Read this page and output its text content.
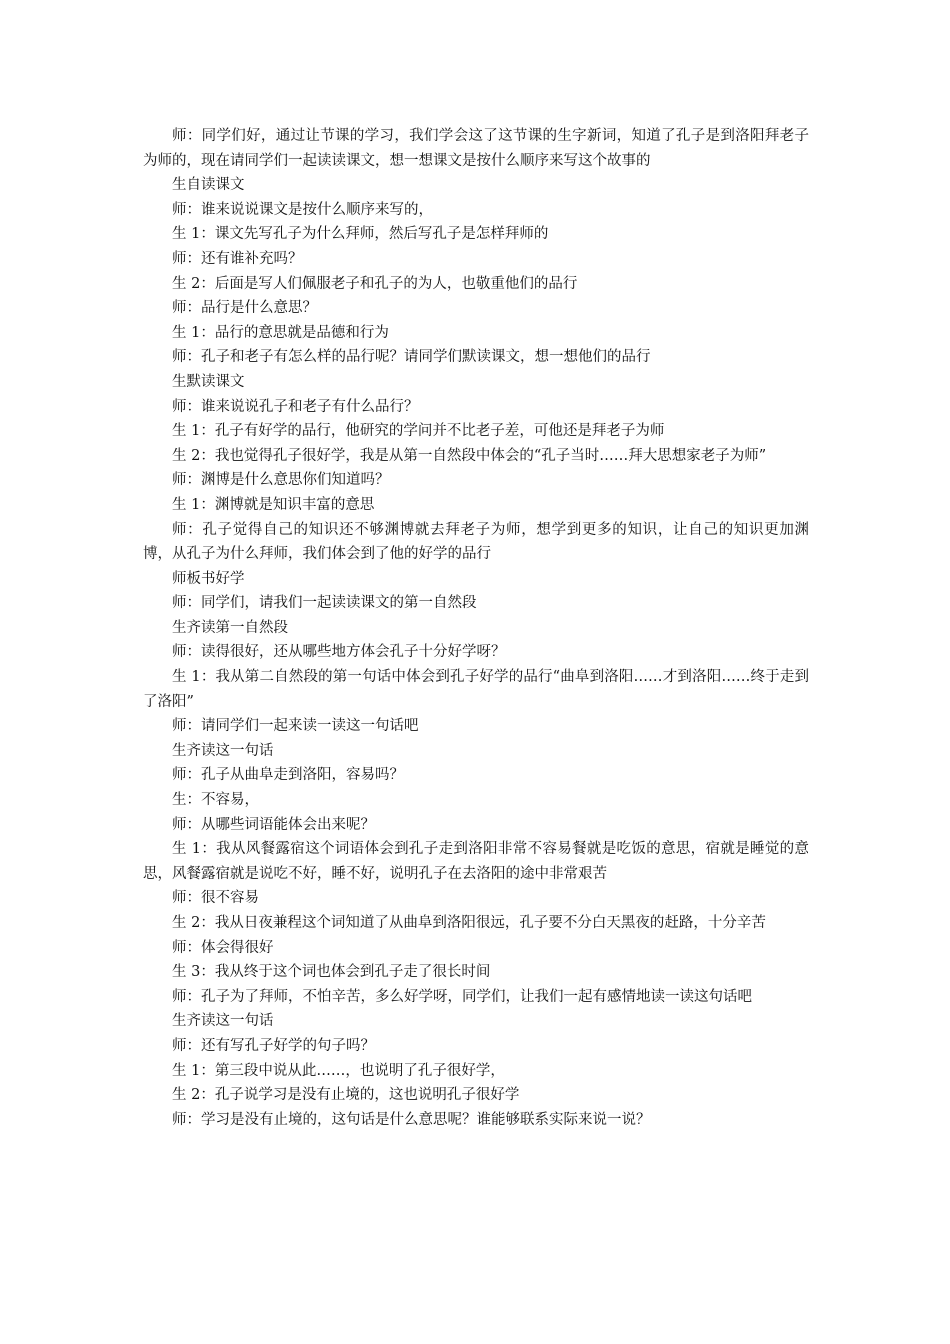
师：同学们好，通过让节课的学习，我们学会这了这节课的生字新词，知道了孔子是到洛阳拜老子为师的，现在请同学们一起读读课文，想一想课文是按什么顺序来写这个故事的

生自读课文

师：谁来说说课文是按什么顺序来写的，

生 1：课文先写孔子为什么拜师，然后写孔子是怎样拜师的

师：还有谁补充吗？

生 2：后面是写人们佩服老子和孔子的为人，也敬重他们的品行

师：品行是什么意思？

生 1：品行的意思就是品德和行为

师：孔子和老子有怎么样的品行呢？请同学们默读课文，想一想他们的品行

生默读课文

师：谁来说说孔子和老子有什么品行？

生 1：孔子有好学的品行，他研究的学问并不比老子差，可他还是拜老子为师

生 2：我也觉得孔子很好学，我是从第一自然段中体会的“孔子当时……拜大思想家老子为师”

师：渊博是什么意思你们知道吗？

生 1：渊博就是知识丰富的意思

师：孔子觉得自己的知识还不够渊博就去拜老子为师，想学到更多的知识，让自己的知识更加渊博，从孔子为什么拜师，我们体会到了他的好学的品行

师板书好学

师：同学们，请我们一起读读课文的第一自然段

生齐读第一自然段

师：读得很好，还从哪些地方体会孔子十分好学呀？

生 1：我从第二自然段的第一句话中体会到孔子好学的品行“曲阜到洛阳……才到洛阳……终于走到了洛阳”

师：请同学们一起来读一读这一句话吧

生齐读这一句话

师：孔子从曲阜走到洛阳，容易吗？

生：不容易，

师：从哪些词语能体会出来呢？

生 1：我从风餐露宿这个词语体会到孔子走到洛阳非常不容易餐就是吃饭的意思，宿就是睡觉的意思，风餐露宿就是说吃不好，睡不好，说明孔子在去洛阳的途中非常艰苦

师：很不容易

生 2：我从日夜兼程这个词知道了从曲阜到洛阳很远，孔子要不分白天黑夜的赶路，十分辛苦

师：体会得很好

生 3：我从终于这个词也体会到孔子走了很长时间

师：孔子为了拜师，不怕辛苦，多么好学呀，同学们，让我们一起有感情地读一读这句话吧

生齐读这一句话

师：还有写孔子好学的句子吗？

生 1：第三段中说从此……，也说明了孔子很好学，

生 2：孔子说学习是没有止境的，这也说明孔子很好学

师：学习是没有止境的，这句话是什么意思呢？谁能够联系实际来说一说？
